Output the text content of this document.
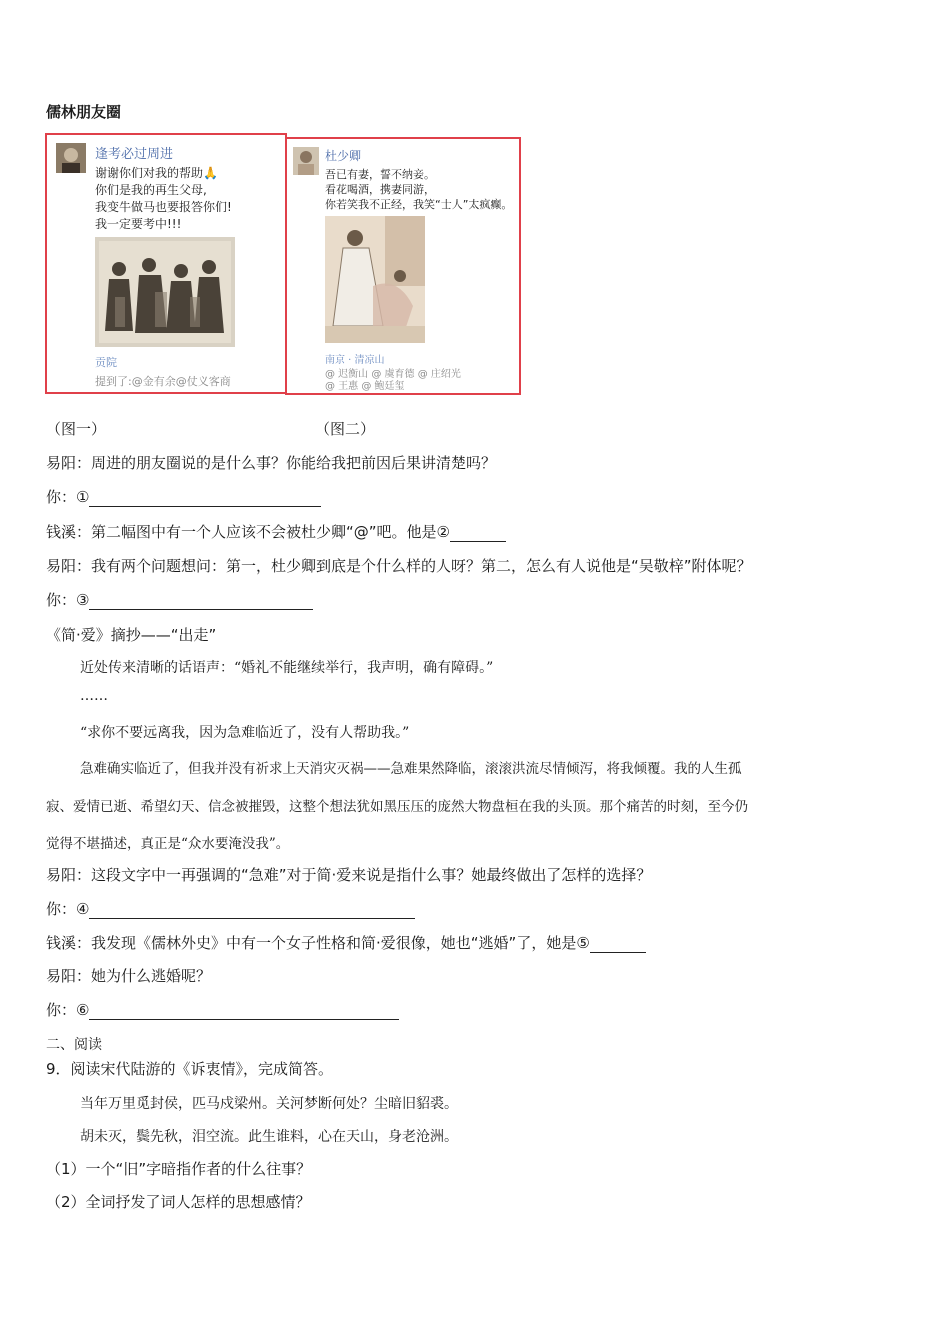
儒林朋友圈
逢考必过周进
谢谢你们对我的帮助🙏
你们是我的再生父母,
我变牛做马也要报答你们!
我一定要考中!!!
贡院
提到了:@金有余@仗义客商
杜少卿
吾已有妻，誓不纳妾。
看花喝酒，携妻同游，
你若笑我不正经，我笑“士人”太疯癫。
南京 · 清凉山
@ 迟衡山 @ 虞育德 @ 庄绍光
@ 王惠 @ 鲍廷玺
（图一）	（图二）
易阳：周进的朋友圈说的是什么事？你能给我把前因后果讲清楚吗？
你：①
钱溪：第二幅图中有一个人应该不会被杜少卿“@”吧。他是②
易阳：我有两个问题想问：第一，杜少卿到底是个什么样的人呀？第二，怎么有人说他是“吴敬梓”附体呢？
你：③
《简·爱》摘抄——“出走”
近处传来清晰的话语声：“婚礼不能继续举行，我声明，确有障碍。”
……
“求你不要远离我，因为急难临近了，没有人帮助我。”
急难确实临近了，但我并没有祈求上天消灾灭祸——急难果然降临，滚滚洪流尽情倾泻，将我倾覆。我的人生孤
寂、爱情已逝、希望幻天、信念被摧毁，这整个想法犹如黑压压的庞然大物盘桓在我的头顶。那个痛苦的时刻，至今仍
觉得不堪描述，真正是“众水要淹没我”。
易阳：这段文字中一再强调的“急难”对于简·爱来说是指什么事？她最终做出了怎样的选择？
你：④
钱溪：我发现《儒林外史》中有一个女子性格和简·爱很像，她也“逃婚”了，她是⑤
易阳：她为什么逃婚呢？
你：⑥
二、阅读
9．阅读宋代陆游的《诉衷情》，完成简答。
当年万里觅封侯，匹马戍梁州。关河梦断何处？尘暗旧貂裘。
胡未灭，鬓先秋，泪空流。此生谁料，心在天山，身老沧洲。
（1）一个“旧”字暗指作者的什么往事？
（2）全词抒发了词人怎样的思想感情？
